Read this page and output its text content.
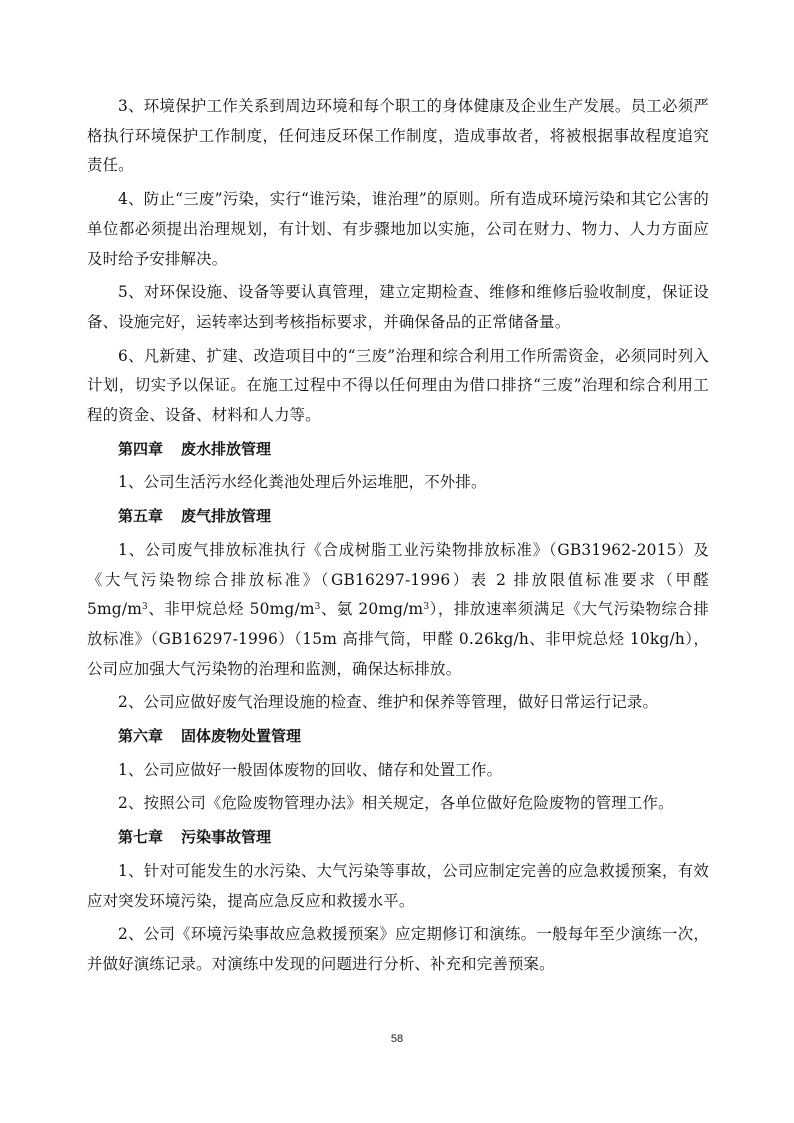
3、环境保护工作关系到周边环境和每个职工的身体健康及企业生产发展。员工必须严格执行环境保护工作制度，任何违反环保工作制度，造成事故者，将被根据事故程度追究责任。

4、防止“三废”污染，实行“谁污染，谁治理”的原则。所有造成环境污染和其它公害的单位都必须提出治理规划，有计划、有步骤地加以实施，公司在财力、物力、人力方面应及时给予安排解决。

5、对环保设施、设备等要认真管理，建立定期检查、维修和维修后验收制度，保证设备、设施完好，运转率达到考核指标要求，并确保备品的正常储备量。

6、凡新建、扩建、改造项目中的“三废”治理和综合利用工作所需资金，必须同时列入计划，切实予以保证。在施工过程中不得以任何理由为借口排挤“三废”治理和综合利用工程的资金、设备、材料和人力等。

第四章 废水排放管理

1、公司生活污水经化粪池处理后外运堆肥，不外排。

第五章 废气排放管理

1、公司废气排放标准执行《合成树脂工业污染物排放标准》（GB31962-2015）及《大气污染物综合排放标准》（GB16297-1996）表 2 排放限值标准要求（甲醛 $5mg/m^3$、非甲烷总烃 $50mg/m^3$、氨 $20mg/m^3$），排放速率须满足《大气污染物综合排放标准》（GB16297-1996）（15m 高排气筒，甲醛 0.26kg/h、非甲烷总烃 10kg/h），公司应加强大气污染物的治理和监测，确保达标排放。

2、公司应做好废气治理设施的检查、维护和保养等管理，做好日常运行记录。

第六章 固体废物处置管理

1、公司应做好一般固体废物的回收、储存和处置工作。

2、按照公司《危险废物管理办法》相关规定，各单位做好危险废物的管理工作。

第七章 污染事故管理

1、针对可能发生的水污染、大气污染等事故，公司应制定完善的应急救援预案，有效应对突发环境污染，提高应急反应和救援水平。

2、公司《环境污染事故应急救援预案》应定期修订和演练。一般每年至少演练一次，并做好演练记录。对演练中发现的问题进行分析、补充和完善预案。

58
